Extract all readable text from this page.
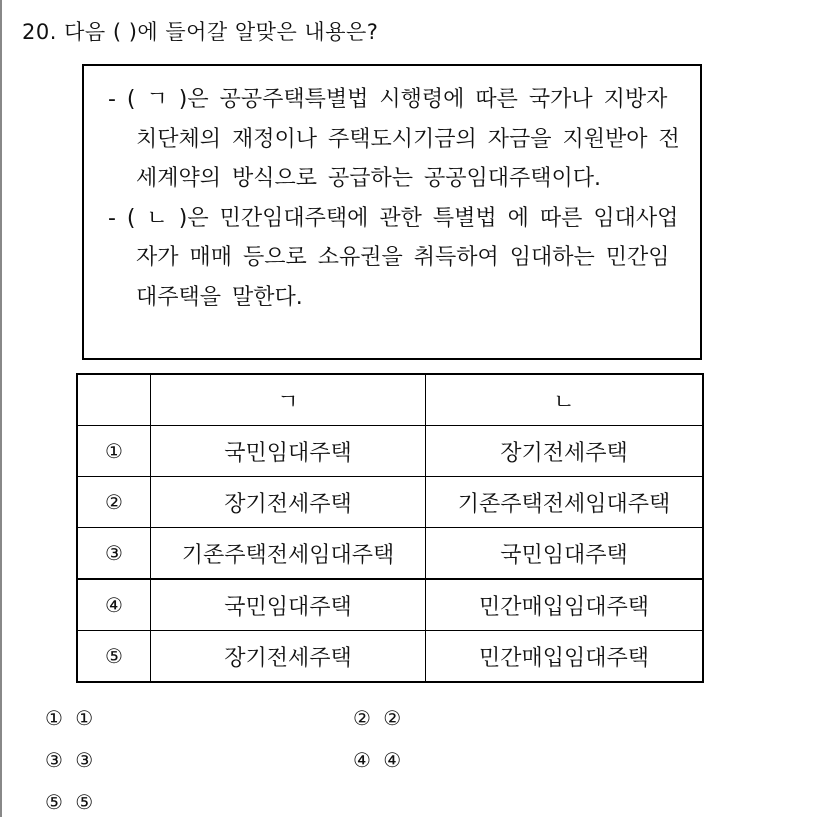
20. 다음 ( )에 들어갈 알맞은 내용은?
- ( ㄱ )은 공공주택특별법 시행령에 따른 국가나 지방자치단체의 재정이나 주택도시기금의 자금을 지원받아 전세계약의 방식으로 공급하는 공공임대주택이다.
- ( ㄴ )은 민간임대주택에 관한 특별법 에 따른 임대사업자가 매매 등으로 소유권을 취득하여 임대하는 민간임대주택을 말한다.
	ㄱ	ㄴ
①	국민임대주택	장기전세주택
②	장기전세주택	기존주택전세임대주택
③	기존주택전세임대주택	국민임대주택
④	국민임대주택	민간매입임대주택
⑤	장기전세주택	민간매입임대주택
① ①	② ②
③ ③	④ ④
⑤ ⑤
